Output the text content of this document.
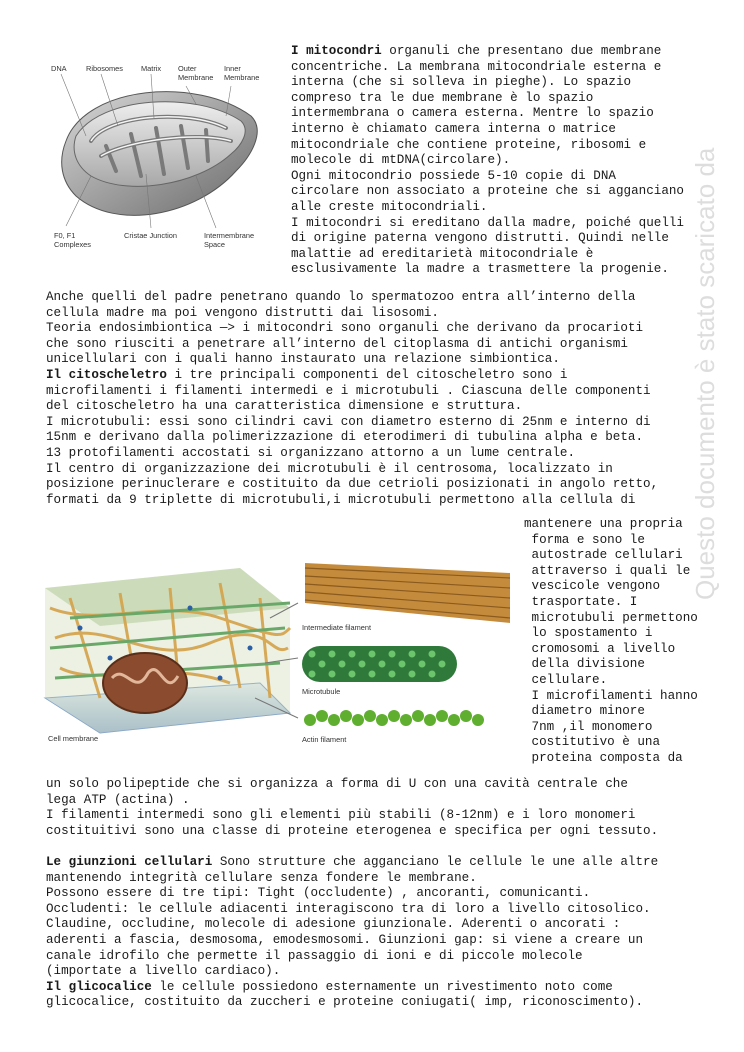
DNA	Ribosomes Matrix Outer
Membrane
Inner
Membrane
F0, F1
Complexes
Cristae Junction	Intermembrane
Space
Intermediate filament
Microtubule
Actin filament
Cell membrane
Questo documento è stato scaricato da
I mitocondri organuli che presentano due membrane
concentriche. La membrana mitocondriale esterna e
interna (che si solleva in pieghe). Lo spazio
compreso tra le due membrane è lo spazio
intermembrana o camera esterna. Mentre lo spazio
interno è chiamato camera interna o matrice
mitocondriale che contiene proteine, ribosomi e
molecole di mtDNA(circolare).
Ogni mitocondrio possiede 5-10 copie di DNA
circolare non associato a proteine che si agganciano
alle creste mitocondriali.
I mitocondri si ereditano dalla madre, poiché quelli
di origine paterna vengono distrutti. Quindi nelle
malattie ad ereditarietà mitocondriale è
esclusivamente la madre a trasmettere la progenie.
Anche quelli del padre penetrano quando lo spermatozoo entra all’interno della
cellula madre ma poi vengono distrutti dai lisosomi.
Teoria endosimbiontica —> i mitocondri sono organuli che derivano da procarioti
che sono riusciti a penetrare all’interno del citoplasma di antichi organismi
unicellulari con i quali hanno instaurato una relazione simbiontica.
Il citoscheletro i tre principali componenti del citoscheletro sono i
microfilamenti i filamenti intermedi e i microtubuli . Ciascuna delle componenti
del citoscheletro ha una caratteristica dimensione e struttura.
I microtubuli: essi sono cilindri cavi con diametro esterno di 25nm e interno di
15nm e derivano dalla polimerizzazione di eterodimeri di tubulina alpha e beta.
13 protofilamenti accostati si organizzano attorno a un lume centrale.
Il centro di organizzazione dei microtubuli è il centrosoma, localizzato in
posizione perinuclerare e costituito da due cetrioli posizionati in angolo retto,
formati da 9 triplette di microtubuli,i microtubuli permettono alla cellula di
mantenere una propria
forma e sono le
autostrade cellulari
attraverso i quali le
vescicole vengono
trasportate. I
microtubuli permettono
lo spostamento i
cromosomi a livello
della divisione
cellulare.
I microfilamenti hanno
diametro minore
7nm ,il monomero
costitutivo è una
proteina composta da
un solo polipeptide che si organizza a forma di U con una cavità centrale che
lega ATP (actina) .
I filamenti intermedi sono gli elementi più stabili (8-12nm) e i loro monomeri
costituitivi sono una classe di proteine eterogenea e specifica per ogni tessuto.
Le giunzioni cellulari Sono strutture che agganciano le cellule le une alle altre
mantenendo integrità cellulare senza fondere le membrane.
Possono essere di tre tipi: Tight (occludente) , ancoranti, comunicanti.
Occludenti: le cellule adiacenti interagiscono tra di loro a livello citosolico.
Claudine, occludine, molecole di adesione giunzionale. Aderenti o ancorati :
aderenti a fascia, desmosoma, emodesmosomi. Giunzioni gap: si viene a creare un
canale idrofilo che permette il passaggio di ioni e di piccole molecole
(importate a livello cardiaco).
Il glicocalice le cellule possiedono esternamente un rivestimento noto come
glicocalice, costituito da zuccheri e proteine coniugati( imp, riconoscimento).
